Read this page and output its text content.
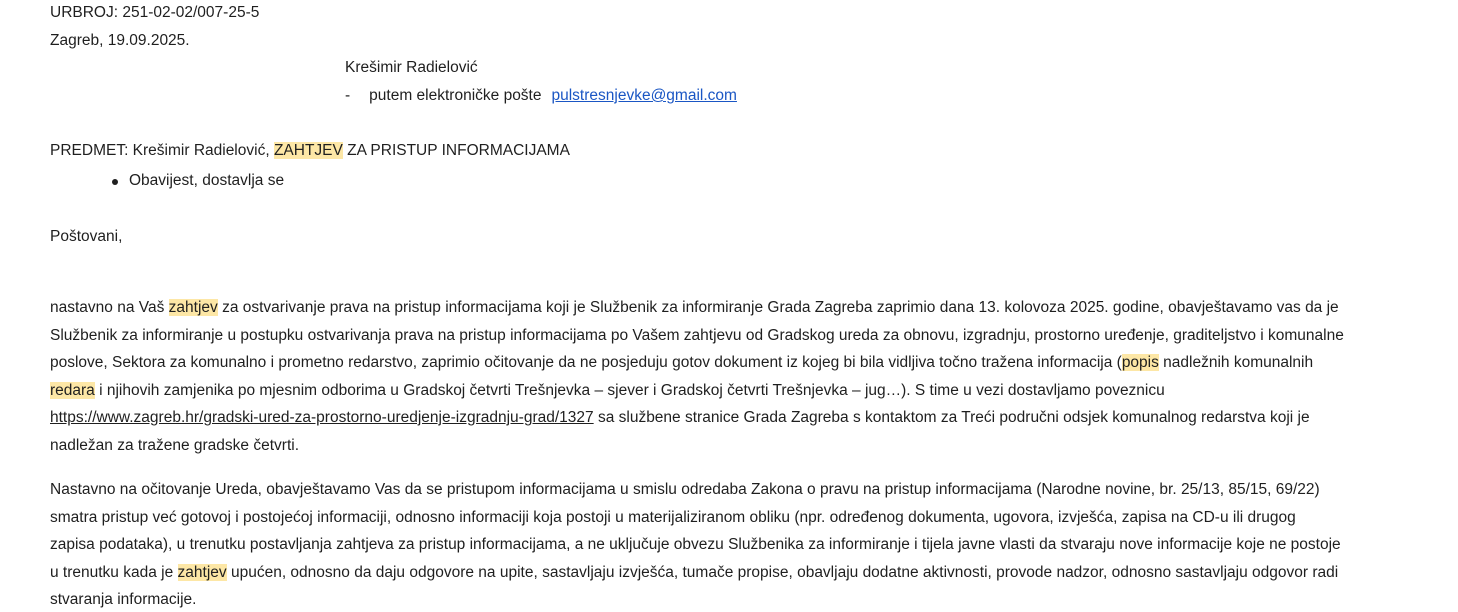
URBROJ: 251-02-02/007-25-5
Zagreb, 19.09.2025.
Krešimir Radielović
- putem elektroničke pošte pulstresnjevke@gmail.com
PREDMET: Krešimir Radielović, ZAHTJEV ZA PRISTUP INFORMACIJAMA
Obavijest, dostavlja se
Poštovani,
nastavno na Vaš zahtjev za ostvarivanje prava na pristup informacijama koji je Službenik za informiranje Grada Zagreba zaprimio dana 13. kolovoza 2025. godine, obavještavamo vas da je
Službenik za informiranje u postupku ostvarivanja prava na pristup informacijama po Vašem zahtjevu od Gradskog ureda za obnovu, izgradnju, prostorno uređenje, graditeljstvo i komunalne
poslove, Sektora za komunalno i prometno redarstvo, zaprimio očitovanje da ne posjeduju gotov dokument iz kojeg bi bila vidljiva točno tražena informacija (popis nadležnih komunalnih
redara i njihovih zamjenika po mjesnim odborima u Gradskoj četvrti Trešnjevka – sjever i Gradskoj četvrti Trešnjevka – jug…). S time u vezi dostavljamo poveznicu
https://www.zagreb.hr/gradski-ured-za-prostorno-uredjenje-izgradnju-grad/1327 sa službene stranice Grada Zagreba s kontaktom za Treći područni odsjek komunalnog redarstva koji je
nadležan za tražene gradske četvrti.
Nastavno na očitovanje Ureda, obavještavamo Vas da se pristupom informacijama u smislu odredaba Zakona o pravu na pristup informacijama (Narodne novine, br. 25/13, 85/15, 69/22)
smatra pristup već gotovoj i postojećoj informaciji, odnosno informaciji koja postoji u materijaliziranom obliku (npr. određenog dokumenta, ugovora, izvješća, zapisa na CD-u ili drugog
zapisa podataka), u trenutku postavljanja zahtjeva za pristup informacijama, a ne uključuje obvezu Službenika za informiranje i tijela javne vlasti da stvaraju nove informacije koje ne postoje
u trenutku kada je zahtjev upućen, odnosno da daju odgovore na upite, sastavljaju izvješća, tumače propise, obavljaju dodatne aktivnosti, provode nadzor, odnosno sastavljaju odgovor radi
stvaranja informacije.
